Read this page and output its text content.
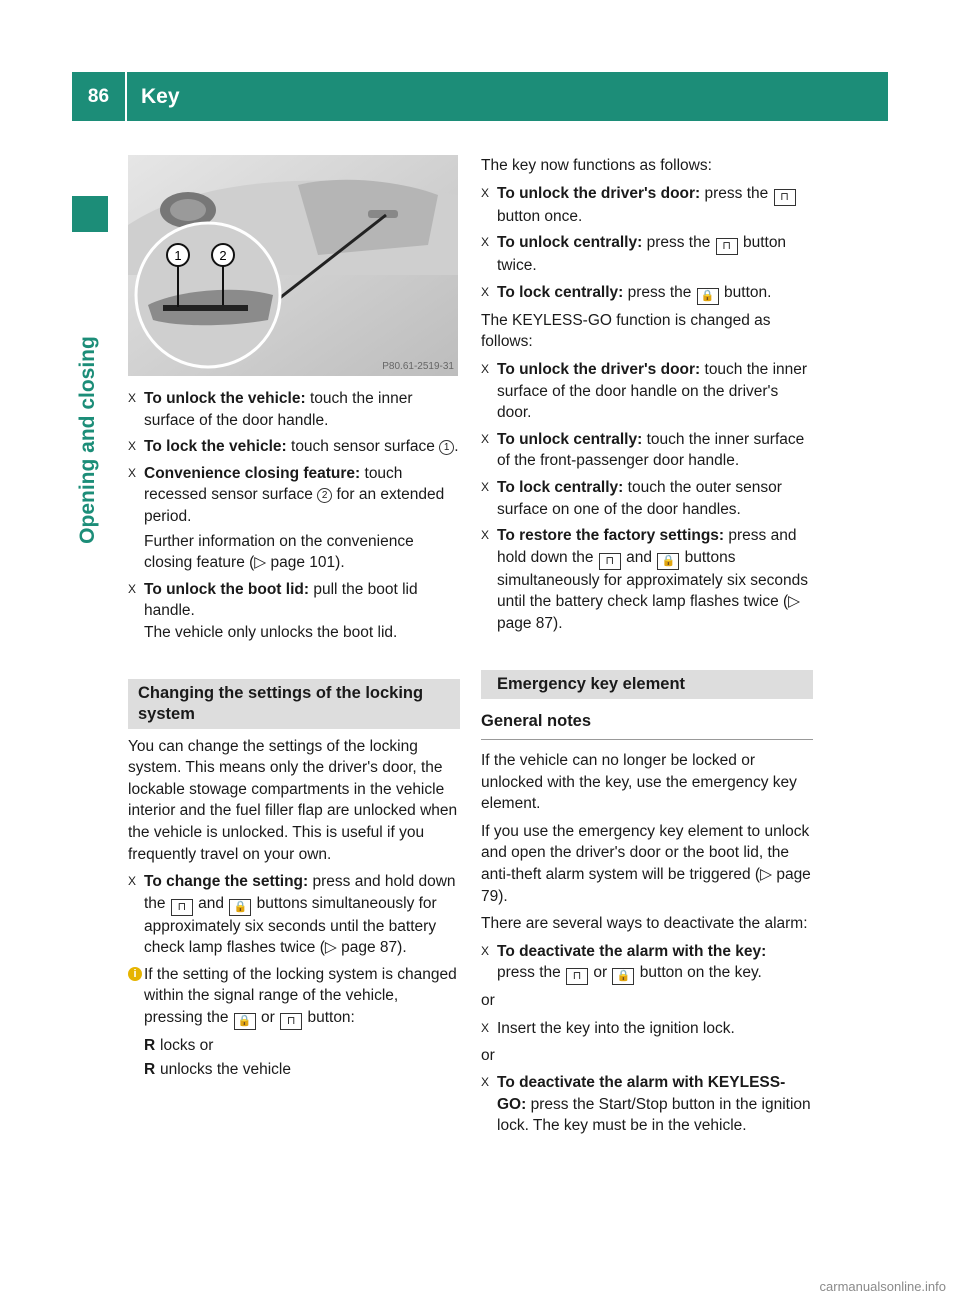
86	Key
Opening and closing
1	2
P80.61-2519-31
X To unlock the vehicle: touch the inner surface of the door handle.
X To lock the vehicle: touch sensor surface 1 .
X Convenience closing feature: touch recessed sensor surface 2 for an extended period.
Further information on the convenience closing feature (▷ page 101).
X To unlock the boot lid: pull the boot lid handle.
The vehicle only unlocks the boot lid.
Changing the settings of the locking system

You can change the settings of the locking system. This means only the driver's door, the lockable stowage compartments in the vehicle interior and the fuel filler flap are unlocked when the vehicle is unlocked. This is useful if you frequently travel on your own.

X To change the setting: press and hold down the ⊓ and 🔒 buttons simultaneously for approximately six seconds until the battery check lamp flashes twice (▷ page 87).
i If the setting of the locking system is changed within the signal range of the vehicle, pressing the 🔒 or ⊓ button:
R locks or
R unlocks the vehicle

The key now functions as follows:

X To unlock the driver's door: press the ⊓ button once.
X To unlock centrally: press the ⊓ button twice.
X To lock centrally: press the 🔒 button.

The KEYLESS-GO function is changed as follows:

X To unlock the driver's door: touch the inner surface of the door handle on the driver's door.
X To unlock centrally: touch the inner surface of the front-passenger door handle.
X To lock centrally: touch the outer sensor surface on one of the door handles.
X To restore the factory settings: press and hold down the ⊓ and 🔒 buttons simultaneously for approximately six seconds until the battery check lamp flashes twice (▷ page 87).
Emergency key element
General notes

If the vehicle can no longer be locked or unlocked with the key, use the emergency key element.

If you use the emergency key element to unlock and open the driver's door or the boot lid, the anti-theft alarm system will be triggered (▷ page 79).

There are several ways to deactivate the alarm:

X To deactivate the alarm with the key:
press the ⊓ or 🔒 button on the key.

or

X Insert the key into the ignition lock.

or

X To deactivate the alarm with KEYLESS-GO: press the Start/Stop button in the ignition lock. The key must be in the vehicle.
carmanualsonline.info
